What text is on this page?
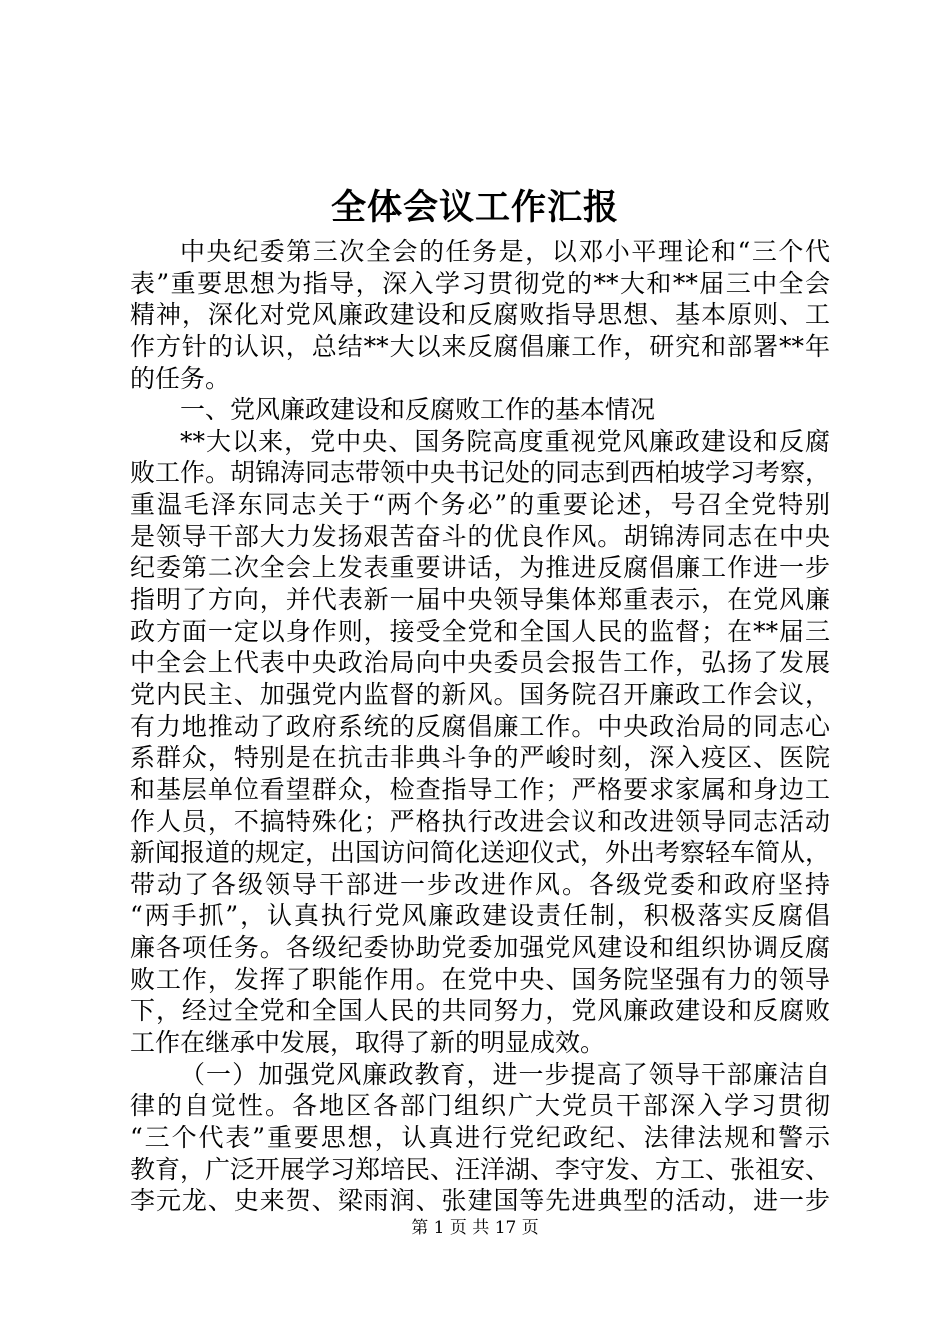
全体会议工作汇报
中央纪委第三次全会的任务是，以邓小平理论和“三个代
表”重要思想为指导，深入学习贯彻党的**大和**届三中全会
精神，深化对党风廉政建设和反腐败指导思想、基本原则、工
作方针的认识，总结**大以来反腐倡廉工作，研究和部署**年
的任务。
一、党风廉政建设和反腐败工作的基本情况
**大以来，党中央、国务院高度重视党风廉政建设和反腐
败工作。胡锦涛同志带领中央书记处的同志到西柏坡学习考察，
重温毛泽东同志关于“两个务必”的重要论述，号召全党特别
是领导干部大力发扬艰苦奋斗的优良作风。胡锦涛同志在中央
纪委第二次全会上发表重要讲话，为推进反腐倡廉工作进一步
指明了方向，并代表新一届中央领导集体郑重表示，在党风廉
政方面一定以身作则，接受全党和全国人民的监督；在**届三
中全会上代表中央政治局向中央委员会报告工作，弘扬了发展
党内民主、加强党内监督的新风。国务院召开廉政工作会议，
有力地推动了政府系统的反腐倡廉工作。中央政治局的同志心
系群众，特别是在抗击非典斗争的严峻时刻，深入疫区、医院
和基层单位看望群众，检查指导工作；严格要求家属和身边工
作人员，不搞特殊化；严格执行改进会议和改进领导同志活动
新闻报道的规定，出国访问简化送迎仪式，外出考察轻车简从，
带动了各级领导干部进一步改进作风。各级党委和政府坚持
“两手抓”，认真执行党风廉政建设责任制，积极落实反腐倡
廉各项任务。各级纪委协助党委加强党风建设和组织协调反腐
败工作，发挥了职能作用。在党中央、国务院坚强有力的领导
下，经过全党和全国人民的共同努力，党风廉政建设和反腐败
工作在继承中发展，取得了新的明显成效。
（一）加强党风廉政教育，进一步提高了领导干部廉洁自
律的自觉性。各地区各部门组织广大党员干部深入学习贯彻
“三个代表”重要思想，认真进行党纪政纪、法律法规和警示
教育，广泛开展学习郑培民、汪洋湖、李守发、方工、张祖安、
李元龙、史来贺、梁雨润、张建国等先进典型的活动，进一步
第 1 页 共 17 页
